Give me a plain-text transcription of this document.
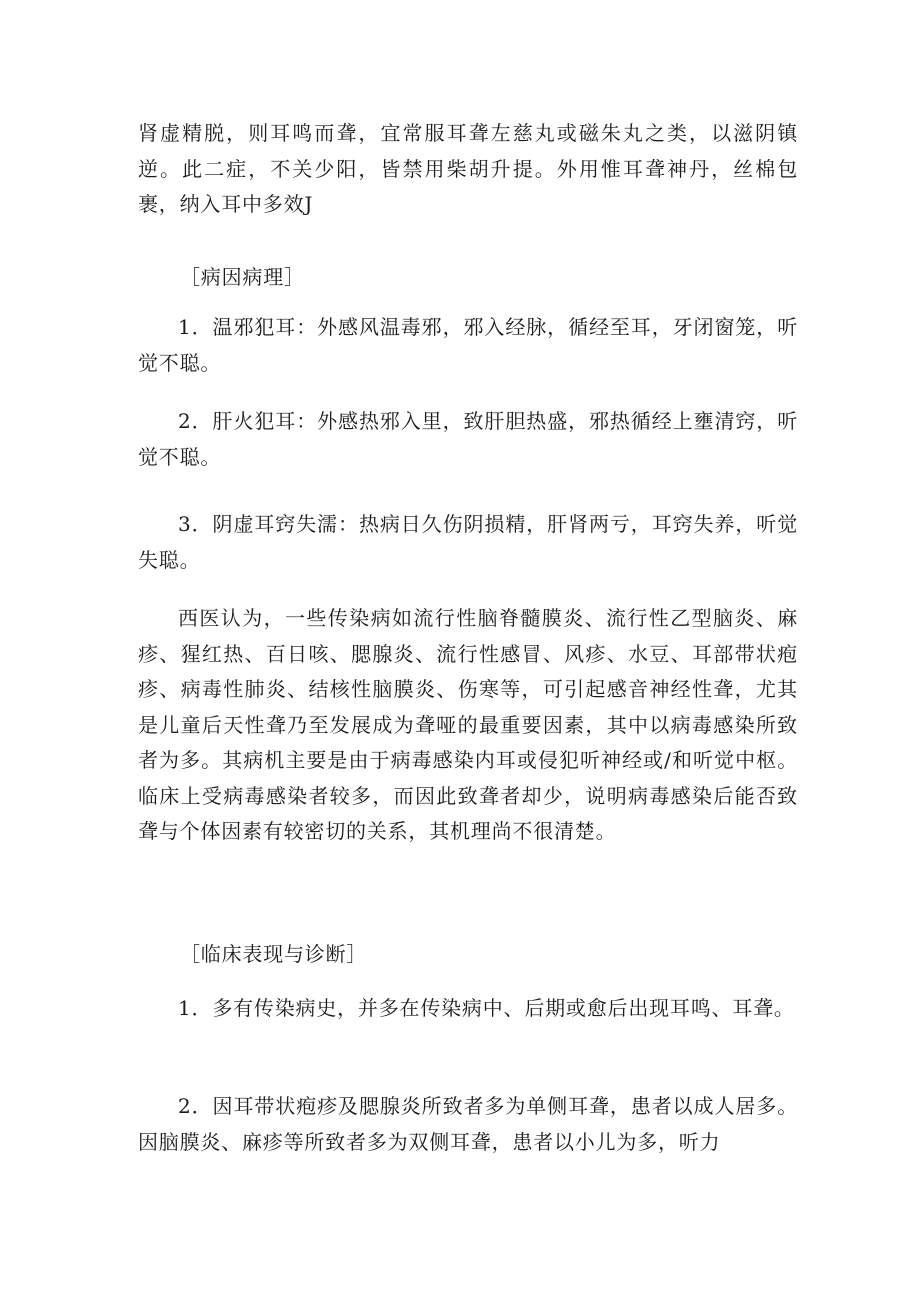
肾虚精脱，则耳鸣而聋，宜常服耳聋左慈丸或磁朱丸之类，以滋阴镇逆。此二症，不关少阳，皆禁用柴胡升提。外用惟耳聋神丹，丝棉包裹，纳入耳中多效J

［病因病理］

1．温邪犯耳：外感风温毒邪，邪入经脉，循经至耳，牙闭窗笼，听觉不聪。

2．肝火犯耳：外感热邪入里，致肝胆热盛，邪热循经上壅清窍，听觉不聪。

3．阴虚耳窍失濡：热病日久伤阴损精，肝肾两亏，耳窍失养，听觉失聪。

西医认为，一些传染病如流行性脑脊髓膜炎、流行性乙型脑炎、麻疹、猩红热、百日咳、腮腺炎、流行性感冒、风疹、水豆、耳部带状疱疹、病毒性肺炎、结核性脑膜炎、伤寒等，可引起感音神经性聋，尤其是儿童后天性聋乃至发展成为聋哑的最重要因素，其中以病毒感染所致者为多。其病机主要是由于病毒感染内耳或侵犯听神经或/和听觉中枢。临床上受病毒感染者较多，而因此致聋者却少，说明病毒感染后能否致聋与个体因素有较密切的关系，其机理尚不很清楚。

［临床表现与诊断］

1．多有传染病史，并多在传染病中、后期或愈后出现耳鸣、耳聋。

2．因耳带状疱疹及腮腺炎所致者多为单侧耳聋，患者以成人居多。因脑膜炎、麻疹等所致者多为双侧耳聋，患者以小儿为多，听力
